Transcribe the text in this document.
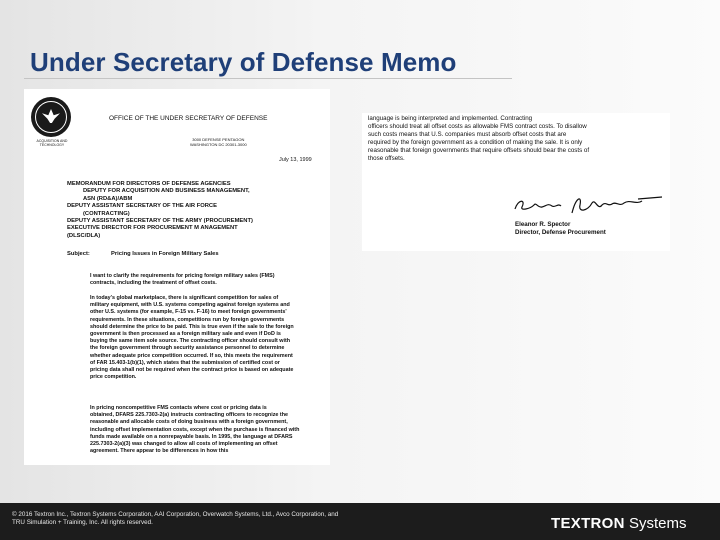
Under Secretary of Defense Memo
ACQUISITION AND
TECHNOLOGY
OFFICE OF THE UNDER SECRETARY OF DEFENSE
3000 DEFENSE PENTAGON
WASHINGTON DC 20301-3000
July 13, 1999
MEMORANDUM FOR DIRECTORS OF DEFENSE AGENCIES
DEPUTY FOR ACQUISITION AND BUSINESS MANAGEMENT,
ASN (RD&A)/ABM
DEPUTY ASSISTANT SECRETARY OF THE AIR FORCE
(CONTRACTING)
DEPUTY ASSISTANT SECRETARY OF THE ARMY (PROCUREMENT)
EXECUTIVE DIRECTOR FOR PROCUREMENT M ANAGEMENT
(DLSC/DLA)
Subject:	Pricing Issues in Foreign Military Sales
I want to clarify the requirements for pricing foreign military sales (FMS)
contracts, including the treatment of offset costs.
In today's global marketplace, there is significant competition for sales of
military equipment, with U.S. systems competing against foreign systems and
other U.S. systems (for example, F-15 vs. F-16) to meet foreign governments'
requirements. In these situations, competitions run by foreign governments
should determine the price to be paid. This is true even if the sale to the foreign
government is then processed as a foreign military sale and even if DoD is
buying the same item sole source. The contracting officer should consult with
the foreign government through security assistance personnel to determine
whether adequate price competition occurred. If so, this meets the requirement
of FAR 15.403-1(b)(1), which states that the submission of certified cost or
pricing data shall not be required when the contract price is based on adequate
price competition.
In pricing noncompetitive FMS contacts where cost or pricing data is
obtained, DFARS 225.7303-2(a) instructs contracting officers to recognize the
reasonable and allocable costs of doing business with a foreign government,
including offset implementation costs, except when the purchase is financed with
funds made available on a nonrepayable basis. In 1995, the language at DFARS
225.7303-2(a)(3) was changed to allow all costs of implementing an offset
agreement. There appear to be differences in how this
language is being interpreted and implemented. Contracting
officers should treat all offset costs as allowable FMS contract costs. To disallow
such costs means that U.S. companies must absorb offset costs that are
required by the foreign government as a condition of making the sale. It is only
reasonable that foreign governments that require offsets should bear the costs of
those offsets.
Eleanor R. Spector
Director, Defense Procurement
© 2016 Textron Inc., Textron Systems Corporation, AAI Corporation, Overwatch Systems, Ltd., Avco Corporation, and TRU Simulation + Training, Inc. All rights reserved.	TEXTRON Systems
